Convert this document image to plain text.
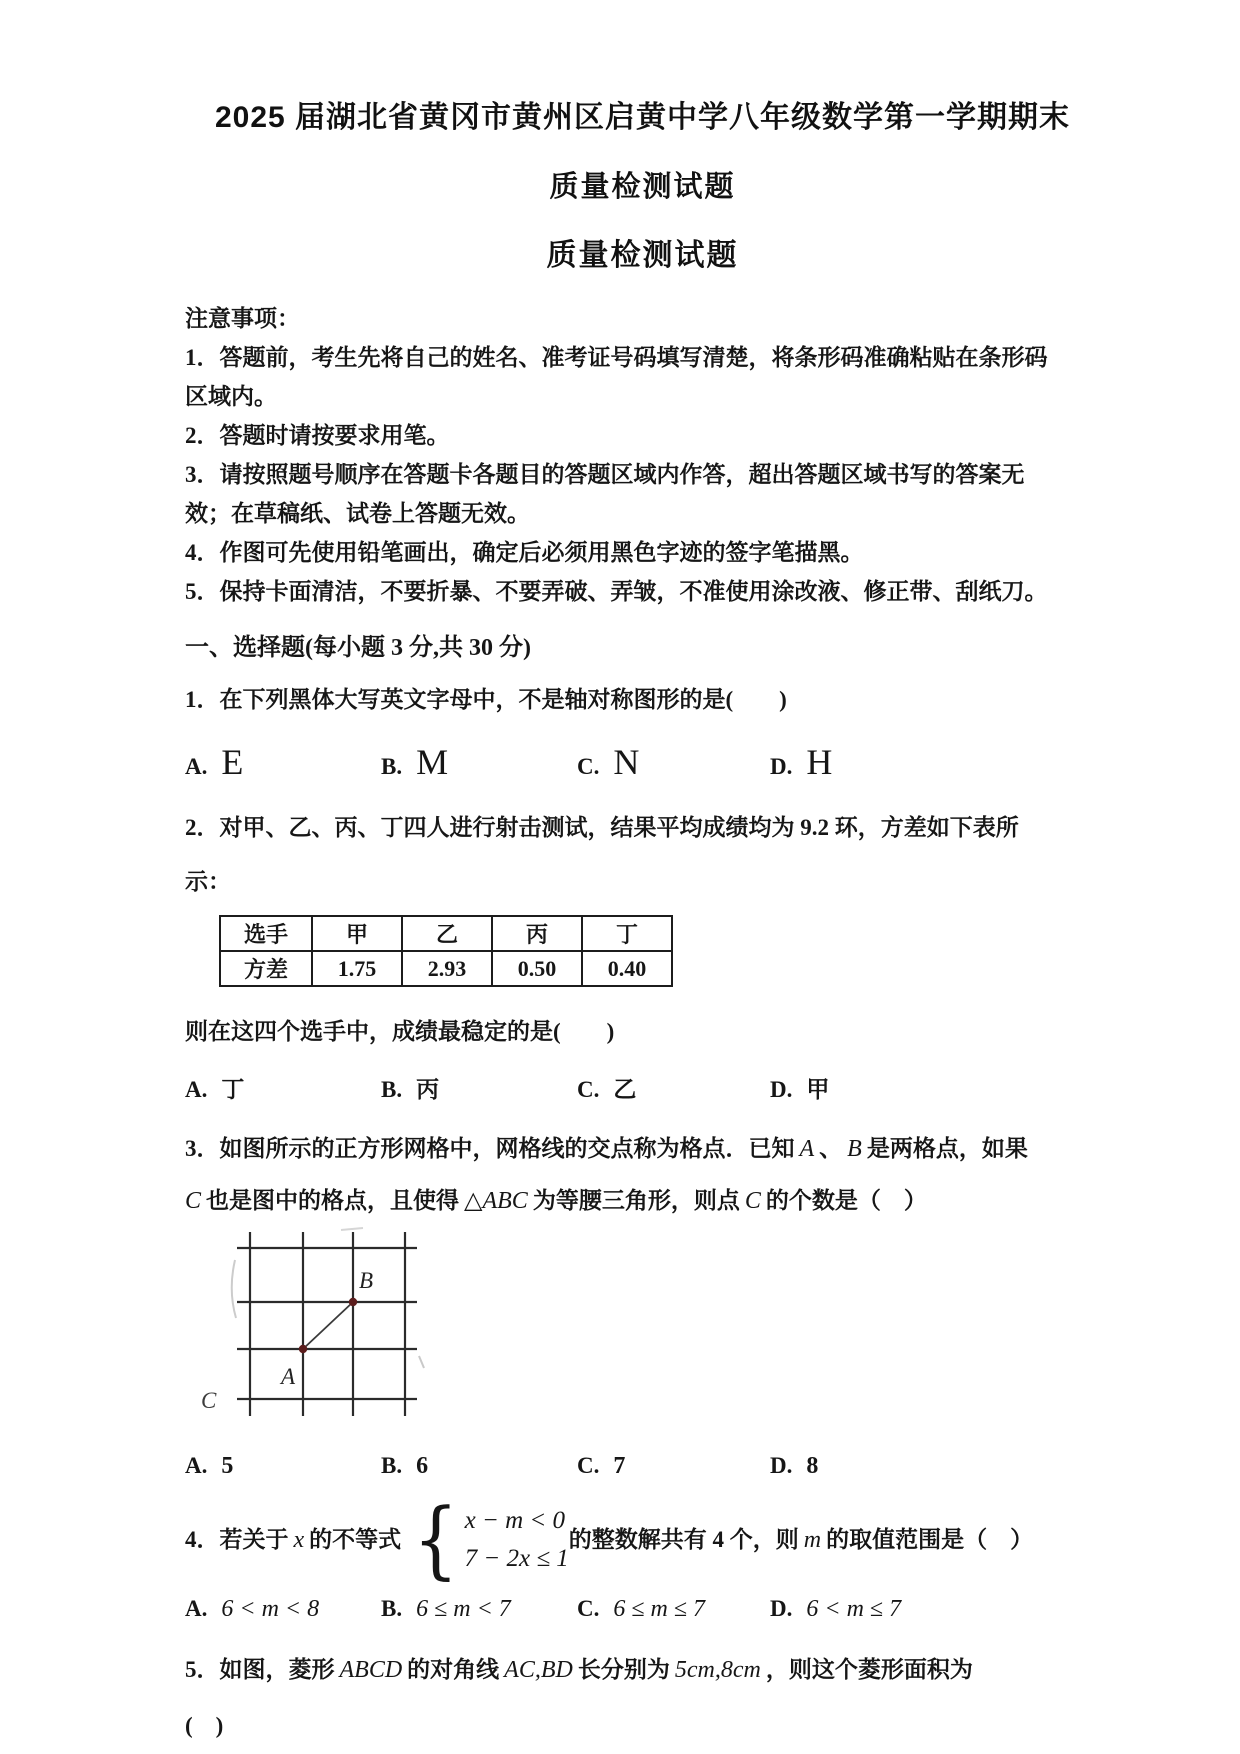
2025 届湖北省黄冈市黄州区启黄中学八年级数学第一学期期末
质量检测试题
质量检测试题
注意事项：
1．答题前，考生先将自己的姓名、准考证号码填写清楚，将条形码准确粘贴在条形码
区域内。
2．答题时请按要求用笔。
3．请按照题号顺序在答题卡各题目的答题区域内作答，超出答题区域书写的答案无
效；在草稿纸、试卷上答题无效。
4．作图可先使用铅笔画出，确定后必须用黑色字迹的签字笔描黑。
5．保持卡面清洁，不要折暴、不要弄破、弄皱，不准使用涂改液、修正带、刮纸刀。
一、选择题(每小题 3 分,共 30 分)
1．在下列黑体大写英文字母中，不是轴对称图形的是(　　)
A. E	B. M	C. N	D. H
2．对甲、乙、丙、丁四人进行射击测试，结果平均成绩均为 9.2 环，方差如下表所
示：
选手	甲	乙	丙	丁
方差	1.75	2.93	0.50	0.40
则在这四个选手中，成绩最稳定的是(　　)
A. 丁	B. 丙	C. 乙	D. 甲
3．如图所示的正方形网格中，网格线的交点称为格点．已知 A 、 B 是两格点，如果
C 也是图中的格点，且使得 △ABC 为等腰三角形，则点 C 的个数是（　）
A
B
C
A. 5	B. 6	C. 7	D. 8
4．若关于 x 的不等式 { x − m < 0
7 − 2x ≤ 1
的整数解共有 4 个，则 m 的取值范围是（　）
A. 6 < m < 8	B. 6 ≤ m < 7	C. 6 ≤ m ≤ 7	D. 6 < m ≤ 7
5．如图，菱形 ABCD 的对角线 AC,BD 长分别为 5cm,8cm ，则这个菱形面积为
(　)
